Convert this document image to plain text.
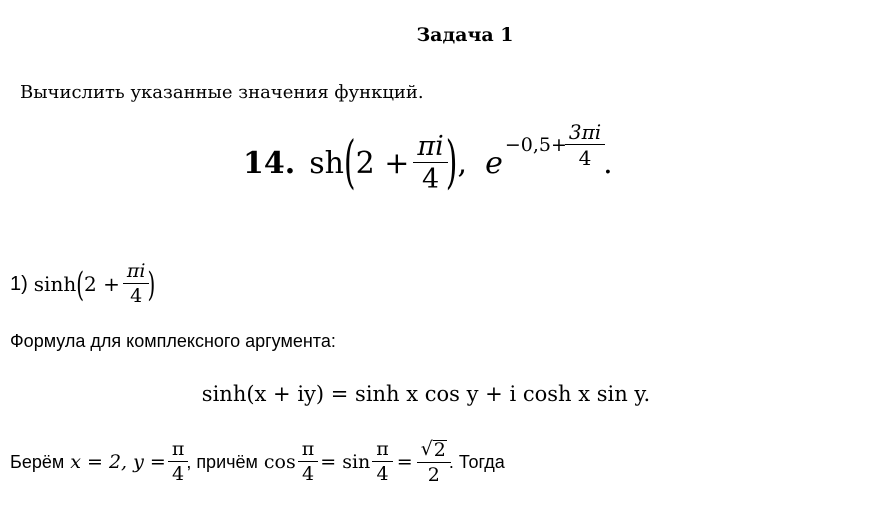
Задача 1
Вычислить указанные значения функций.
14. sh ( $2 + \frac{\pi i}{4}$ ) , e
$-0,5+ \frac{3\pi i}{4}$ .
1) sinh ( $2 + \frac{\pi i}{4}$ )
Формула для комплексного аргумента:
sinh(x + iy) = sinh x cos y + i cosh x sin y.
Берём x = 2, $y = \frac{\pi}{4}$ , причём $\cos \frac{\pi}{4} = \sin \frac{\pi}{4} = \frac{√ 2}{2}$ . Тогда
